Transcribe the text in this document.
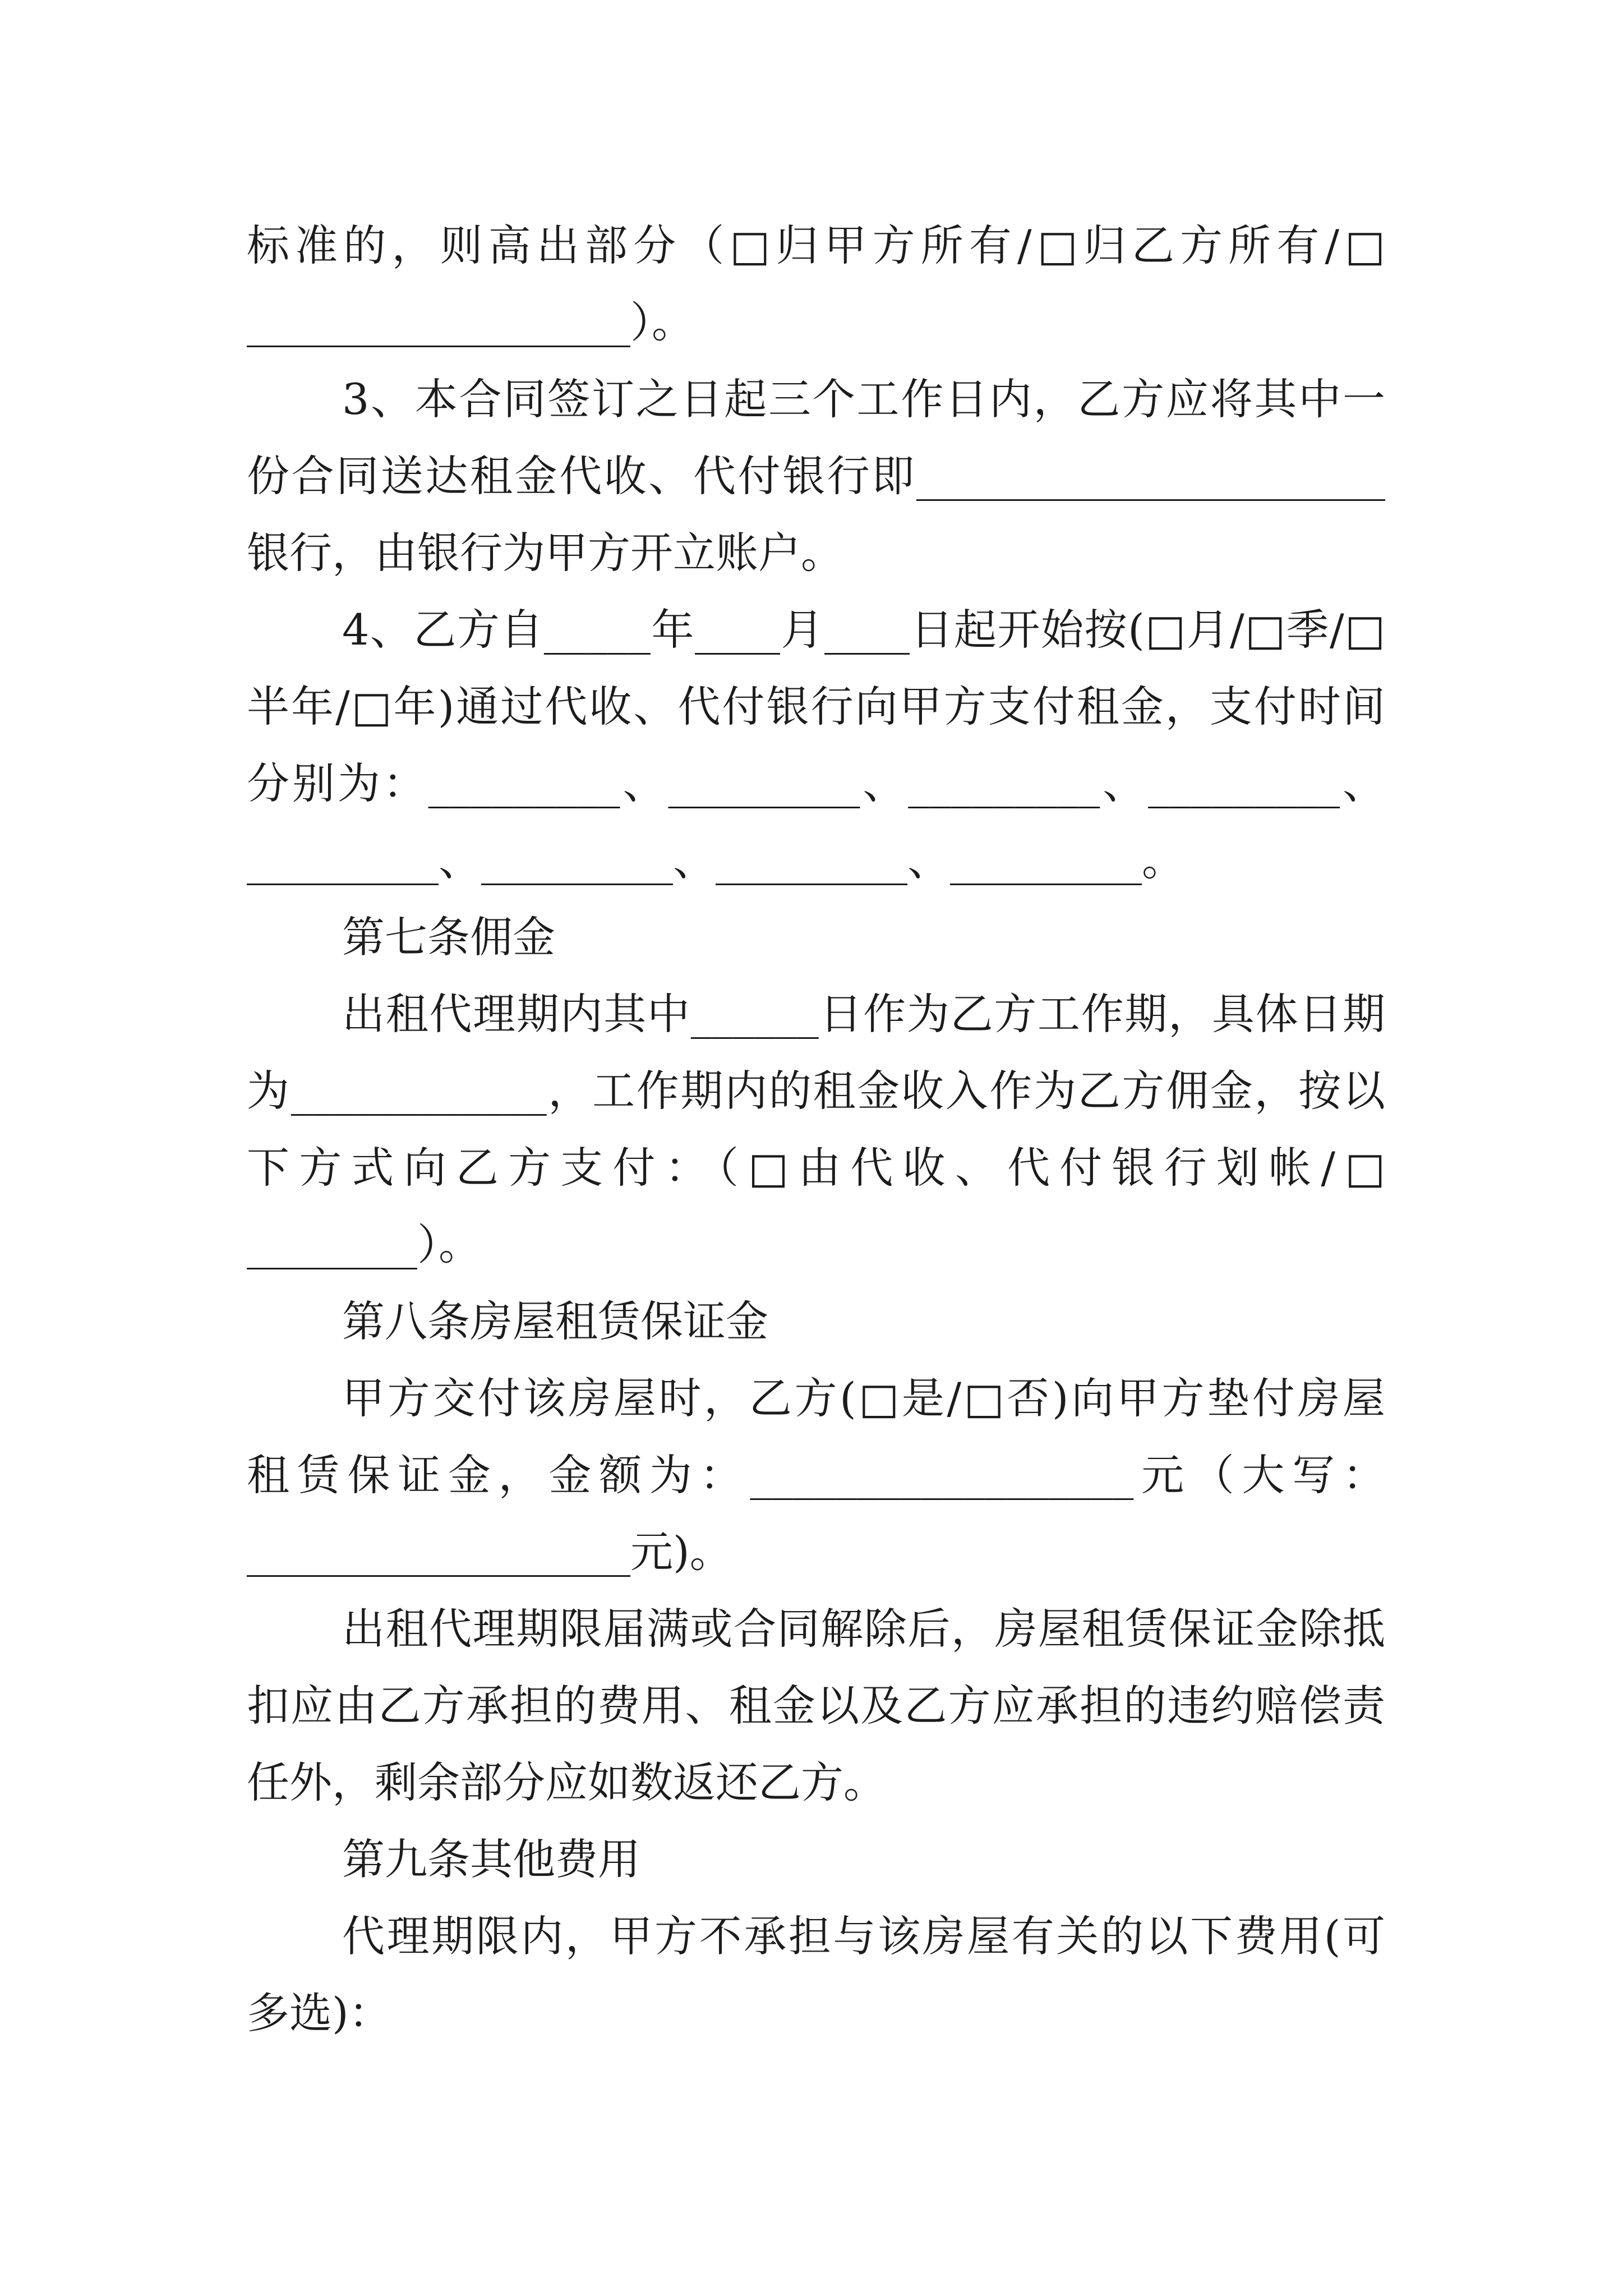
标准的，则高出部分（□归甲方所有/□归乙方所有/□
__________________）。
3、本合同签订之日起三个工作日内，乙方应将其中一
份合同送达租金代收、代付银行即______________________
银行，由银行为甲方开立账户。
4、乙方自_____年____月____日起开始按(□月/□季/□
半年/□年)通过代收、代付银行向甲方支付租金，支付时间
分别为：_________、_________、_________、_________、
_________、_________、_________、_________。
第七条佣金
出租代理期内其中______日作为乙方工作期，具体日期
为____________，工作期内的租金收入作为乙方佣金，按以
下方式向乙方支付：（□由代收、代付银行划帐/□
________）。
第八条房屋租赁保证金
甲方交付该房屋时，乙方(□是/□否)向甲方垫付房屋
租赁保证金，金额为：__________________元（大写：
__________________元)。
出租代理期限届满或合同解除后，房屋租赁保证金除抵
扣应由乙方承担的费用、租金以及乙方应承担的违约赔偿责
任外，剩余部分应如数返还乙方。
第九条其他费用
代理期限内，甲方不承担与该房屋有关的以下费用(可
多选)：
